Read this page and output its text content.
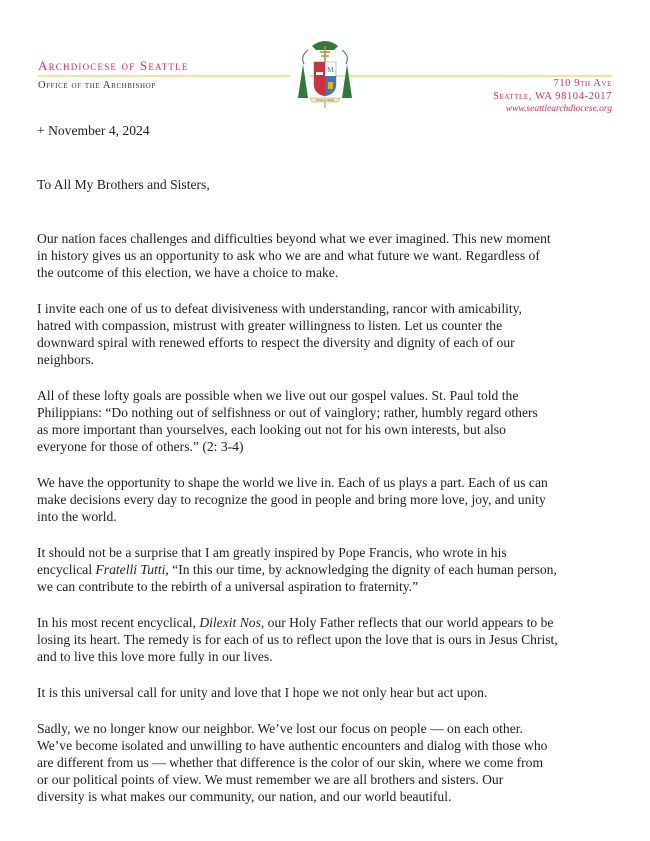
Archdiocese of Seattle
Office of the Archbishop
M
Servus in caritate
710 9th Ave
Seattle, WA 98104-2017
www.seattlearchdiocese.org

+ November 4, 2024

To All My Brothers and Sisters,

Our nation faces challenges and difficulties beyond what we ever imagined. This new moment
in history gives us an opportunity to ask who we are and what future we want. Regardless of
the outcome of this election, we have a choice to make.

I invite each one of us to defeat divisiveness with understanding, rancor with amicability,
hatred with compassion, mistrust with greater willingness to listen. Let us counter the
downward spiral with renewed efforts to respect the diversity and dignity of each of our
neighbors.

All of these lofty goals are possible when we live out our gospel values. St. Paul told the
Philippians: “Do nothing out of selfishness or out of vainglory; rather, humbly regard others
as more important than yourselves, each looking out not for his own interests, but also
everyone for those of others.” (2: 3-4)

We have the opportunity to shape the world we live in. Each of us plays a part. Each of us can
make decisions every day to recognize the good in people and bring more love, joy, and unity
into the world.

It should not be a surprise that I am greatly inspired by Pope Francis, who wrote in his
encyclical Fratelli Tutti, “In this our time, by acknowledging the dignity of each human person,
we can contribute to the rebirth of a universal aspiration to fraternity.”

In his most recent encyclical, Dilexit Nos, our Holy Father reflects that our world appears to be
losing its heart. The remedy is for each of us to reflect upon the love that is ours in Jesus Christ,
and to live this love more fully in our lives.

It is this universal call for unity and love that I hope we not only hear but act upon.

Sadly, we no longer know our neighbor. We’ve lost our focus on people — on each other.
We’ve become isolated and unwilling to have authentic encounters and dialog with those who
are different from us — whether that difference is the color of our skin, where we come from
or our political points of view. We must remember we are all brothers and sisters. Our
diversity is what makes our community, our nation, and our world beautiful.
